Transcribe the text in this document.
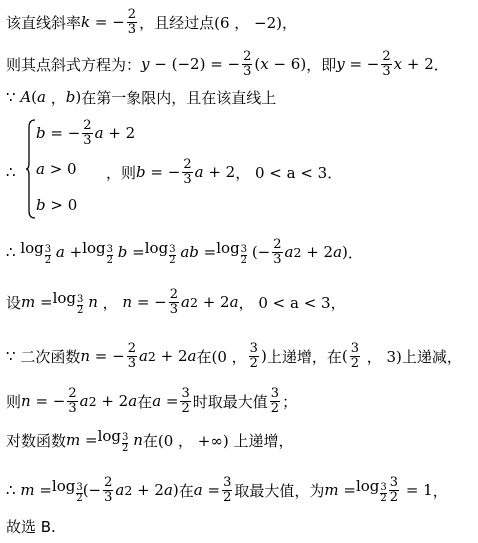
该直线斜率 k = − $\frac{2}{3}$ ，且经过点 (6 ， −2) ，
则其点斜式方程为： y − (−2) = − $\frac{2}{3}$ ( x − 6) ，即 y = − $\frac{2}{3}$ x + 2 ．
∵ A ( a ， b ) 在第一象限内，且在该直线上
b = − $\frac{2}{3}$ a + 2
a > 0
b > 0
∴	，则 b = − $\frac{2}{3}$ a + 2 ， 0 < a < 3．
∴ log 3
2
a + log 3
2
b = log 3
2
ab = log 3
2 (− $\frac{2}{3}$ a 2 + 2 a ) ．
设 m = log 3
2
n ， n = − $\frac{2}{3}$ a 2 + 2 a ， 0 < a < 3，
∵ 二次函数 n = − $\frac{2}{3}$ a 2 + 2 a 在 (0 ， $\frac{3}{2}$ ) 上递增，在 ( $\frac{3}{2}$ ， 3) 上递减，
则 n = − $\frac{2}{3}$ a 2 + 2 a 在 $a = \frac{3}{2}$ 时取最大值 $\frac{3}{2}$ ；
对数函数 m = log 3
2
n 在 (0 ， +∞) 上递增，
∴ m = log 3
2 (− $\frac{2}{3}$ a 2 + 2 a ) 在 $a = \frac{3}{2}$ 取最大值，为 m = log 3
$2 \frac{3}{2} = 1$ ，
故选 B.
